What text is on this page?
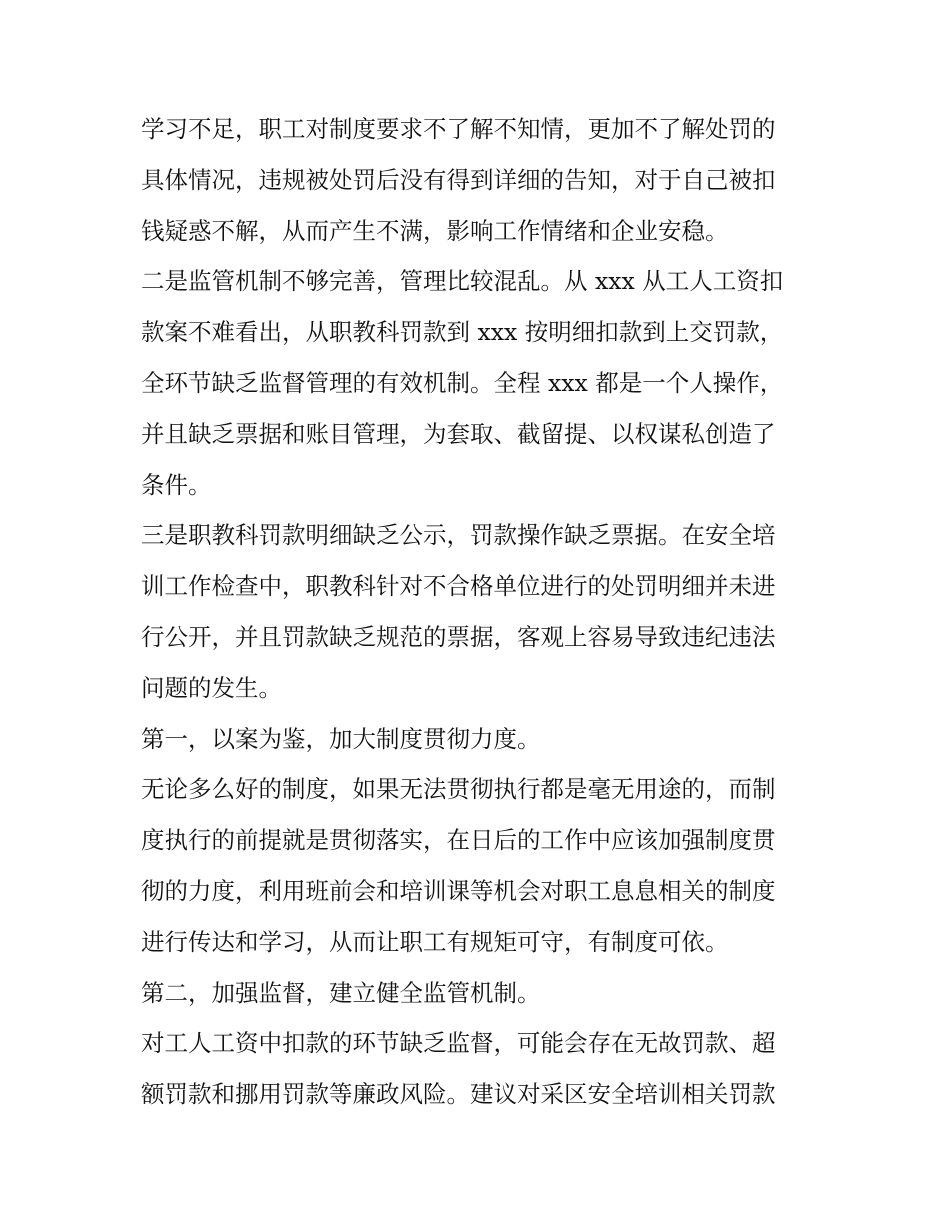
学习不足，职工对制度要求不了解不知情，更加不了解处罚的
具体情况，违规被处罚后没有得到详细的告知，对于自己被扣
钱疑惑不解，从而产生不满，影响工作情绪和企业安稳。

二是监管机制不够完善，管理比较混乱。从 xxx 从工人工资扣
款案不难看出，从职教科罚款到 xxx 按明细扣款到上交罚款，
全环节缺乏监督管理的有效机制。全程 xxx 都是一个人操作，
并且缺乏票据和账目管理，为套取、截留提、以权谋私创造了
条件。

三是职教科罚款明细缺乏公示，罚款操作缺乏票据。在安全培
训工作检查中，职教科针对不合格单位进行的处罚明细并未进
行公开，并且罚款缺乏规范的票据，客观上容易导致违纪违法
问题的发生。

第一，以案为鉴，加大制度贯彻力度。

无论多么好的制度，如果无法贯彻执行都是毫无用途的，而制
度执行的前提就是贯彻落实，在日后的工作中应该加强制度贯
彻的力度，利用班前会和培训课等机会对职工息息相关的制度
进行传达和学习，从而让职工有规矩可守，有制度可依。

第二，加强监督，建立健全监管机制。

对工人工资中扣款的环节缺乏监督，可能会存在无故罚款、超
额罚款和挪用罚款等廉政风险。建议对采区安全培训相关罚款
